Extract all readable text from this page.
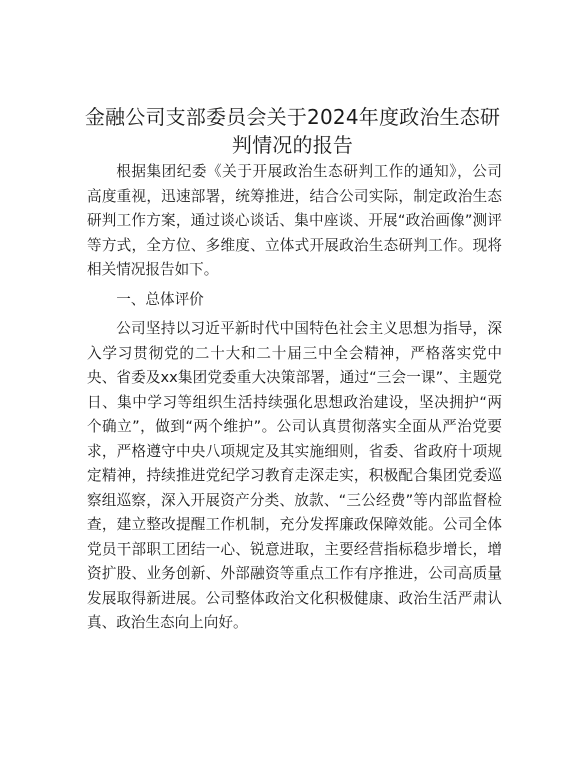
金融公司支部委员会关于2024年度政治生态研判情况的报告

根据集团纪委《关于开展政治生态研判工作的通知》，公司高度重视，迅速部署，统筹推进，结合公司实际，制定政治生态研判工作方案，通过谈心谈话、集中座谈、开展“政治画像”测评等方式，全方位、多维度、立体式开展政治生态研判工作。现将相关情况报告如下。

一、总体评价

公司坚持以习近平新时代中国特色社会主义思想为指导，深入学习贯彻党的二十大和二十届三中全会精神，严格落实党中央、省委及xx集团党委重大决策部署，通过“三会一课”、主题党日、集中学习等组织生活持续强化思想政治建设，坚决拥护“两个确立”，做到“两个维护”。公司认真贯彻落实全面从严治党要求，严格遵守中央八项规定及其实施细则，省委、省政府十项规定精神，持续推进党纪学习教育走深走实，积极配合集团党委巡察组巡察，深入开展资产分类、放款、“三公经费”等内部监督检查，建立整改提醒工作机制，充分发挥廉政保障效能。公司全体党员干部职工团结一心、锐意进取，主要经营指标稳步增长，增资扩股、业务创新、外部融资等重点工作有序推进，公司高质量发展取得新进展。公司整体政治文化积极健康、政治生活严肃认真、政治生态向上向好。
